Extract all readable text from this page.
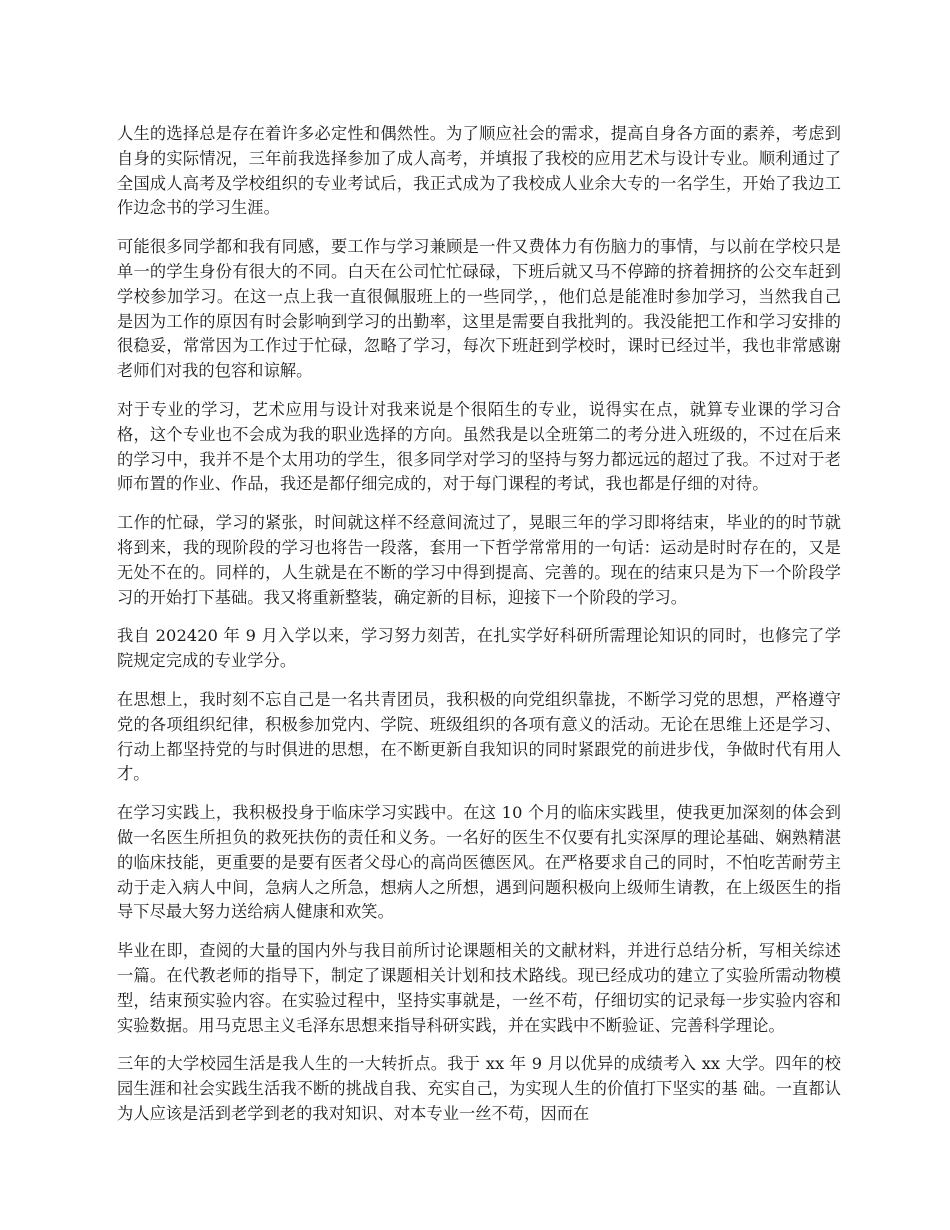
人生的选择总是存在着许多必定性和偶然性。为了顺应社会的需求，提高自身各方面的素养，考虑到自身的实际情况，三年前我选择参加了成人高考，并填报了我校的应用艺术与设计专业。顺利通过了全国成人高考及学校组织的专业考试后，我正式成为了我校成人业余大专的一名学生，开始了我边工作边念书的学习生涯。

可能很多同学都和我有同感，要工作与学习兼顾是一件又费体力有伤脑力的事情，与以前在学校只是单一的学生身份有很大的不同。白天在公司忙忙碌碌，下班后就又马不停蹄的挤着拥挤的公交车赶到学校参加学习。在这一点上我一直很佩服班上的一些同学，，他们总是能准时参加学习，当然我自己是因为工作的原因有时会影响到学习的出勤率，这里是需要自我批判的。我没能把工作和学习安排的很稳妥，常常因为工作过于忙碌，忽略了学习，每次下班赶到学校时，课时已经过半，我也非常感谢老师们对我的包容和谅解。

对于专业的学习，艺术应用与设计对我来说是个很陌生的专业，说得实在点，就算专业课的学习合格，这个专业也不会成为我的职业选择的方向。虽然我是以全班第二的考分进入班级的，不过在后来的学习中，我并不是个太用功的学生，很多同学对学习的坚持与努力都远远的超过了我。不过对于老师布置的作业、作品，我还是都仔细完成的，对于每门课程的考试，我也都是仔细的对待。

工作的忙碌，学习的紧张，时间就这样不经意间流过了，晃眼三年的学习即将结束，毕业的的时节就将到来，我的现阶段的学习也将告一段落，套用一下哲学常常用的一句话：运动是时时存在的，又是无处不在的。同样的，人生就是在不断的学习中得到提高、完善的。现在的结束只是为下一个阶段学习的开始打下基础。我又将重新整装，确定新的目标，迎接下一个阶段的学习。

我自 202420 年 9 月入学以来，学习努力刻苦，在扎实学好科研所需理论知识的同时，也修完了学院规定完成的专业学分。

在思想上，我时刻不忘自己是一名共青团员，我积极的向党组织靠拢，不断学习党的思想，严格遵守党的各项组织纪律，积极参加党内、学院、班级组织的各项有意义的活动。无论在思维上还是学习、行动上都坚持党的与时俱进的思想，在不断更新自我知识的同时紧跟党的前进步伐，争做时代有用人才。

在学习实践上，我积极投身于临床学习实践中。在这 10 个月的临床实践里，使我更加深刻的体会到做一名医生所担负的救死扶伤的责任和义务。一名好的医生不仅要有扎实深厚的理论基础、娴熟精湛的临床技能，更重要的是要有医者父母心的高尚医德医风。在严格要求自己的同时，不怕吃苦耐劳主动于走入病人中间，急病人之所急，想病人之所想，遇到问题积极向上级师生请教，在上级医生的指导下尽最大努力送给病人健康和欢笑。

毕业在即，查阅的大量的国内外与我目前所讨论课题相关的文献材料，并进行总结分析，写相关综述一篇。在代教老师的指导下，制定了课题相关计划和技术路线。现已经成功的建立了实验所需动物模型，结束预实验内容。在实验过程中，坚持实事就是，一丝不苟，仔细切实的记录每一步实验内容和实验数据。用马克思主义毛泽东思想来指导科研实践，并在实践中不断验证、完善科学理论。

三年的大学校园生活是我人生的一大转折点。我于 xx 年 9 月以优异的成绩考入 xx 大学。四年的校园生涯和社会实践生活我不断的挑战自我、充实自己，为实现人生的价值打下坚实的基 础。一直都认为人应该是活到老学到老的我对知识、对本专业一丝不苟，因而在
